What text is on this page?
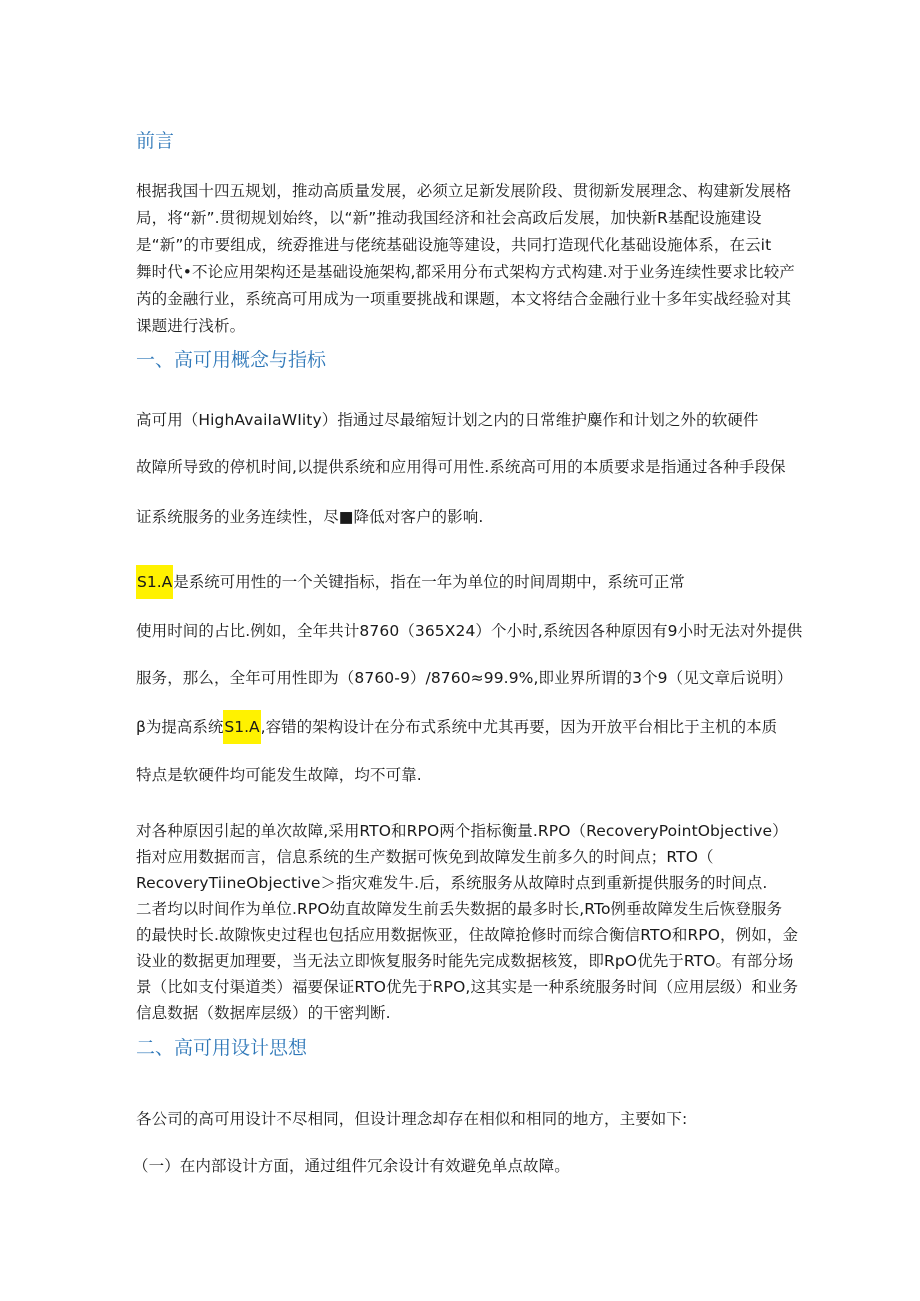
前言

根据我国十四五规划，推动高质量发展，必须立足新发展阶段、贯彻新发展理念、构建新发展格

局，将“新”.贯彻规划始终，以“新”推动我国经济和社会高政后发展，加快新R基配设施建设

是“新”的市要组成，统孬推进与佬统基础设施等建设，共同打造现代化基础设施体系，在云it

舞时代•不论应用架构还是基础设施架构,都采用分布式架构方式构建.对于业务连续性要求比较产

芮的金融行业，系统高可用成为一项重要挑战和课题，本文将结合金融行业十多年实战经验对其

课题进行浅析。

一、高可用概念与指标

高可用（HighAvaiIaWIity）指通过尽最缩短计划之内的日常维护麋作和计划之外的软硬件

故障所导致的停机时间,以提供系统和应用得可用性.系统高可用的本质要求是指通过各种手段保

证系统服务的业务连续性，尽■降低对客户的影响.

S1.A是系统可用性的一个关键指标，指在一年为单位的时间周期中，系统可正常

使用时间的占比.例如，全年共计8760（365X24）个小时,系统因各种原因有9小时无法对外提供

服务，那么，全年可用性即为（8760-9）/8760≈99.9%,即业界所谓的3个9（见文章后说明）

β为提高系统S1.A,容错的架构设计在分布式系统中尤其再要，因为开放平台相比于主机的本质

特点是软硬件均可能发生故障，均不可靠.

对各种原因引起的单次故障,采用RTO和RPO两个指标衡量.RPO（RecoveryPointObjective）

指对应用数据而言，信息系统的生产数据可恢免到故障发生前多久的时间点；RTO（

RecoveryTiineObjective＞指灾难发牛.后，系统服务从故障时点到重新提供服务的时间点.

二者均以时间作为单位.RPO幼直故障发生前丢失数据的最多时长,RTo例垂故障发生后恢登服务

的最快时长.故隙恢史过程也包括应用数据恢亚，住故障抢修时而综合衡信RTO和RPO，例如，金

设业的数据更加理要，当无法立即恢复服务时能先完成数据核笈，即RpO优先于RTO。有部分场

景（比如支付渠道类）福要保证RTO优先于RPO,这其实是一种系统服务时间（应用层级）和业务

信息数据（数据库层级）的干密判断.

二、高可用设计思想

各公司的高可用设计不尽相同，但设计理念却存在相似和相同的地方，主要如下:

（一）在内部设计方面，通过组件冗余设计有效避免单点故障。
